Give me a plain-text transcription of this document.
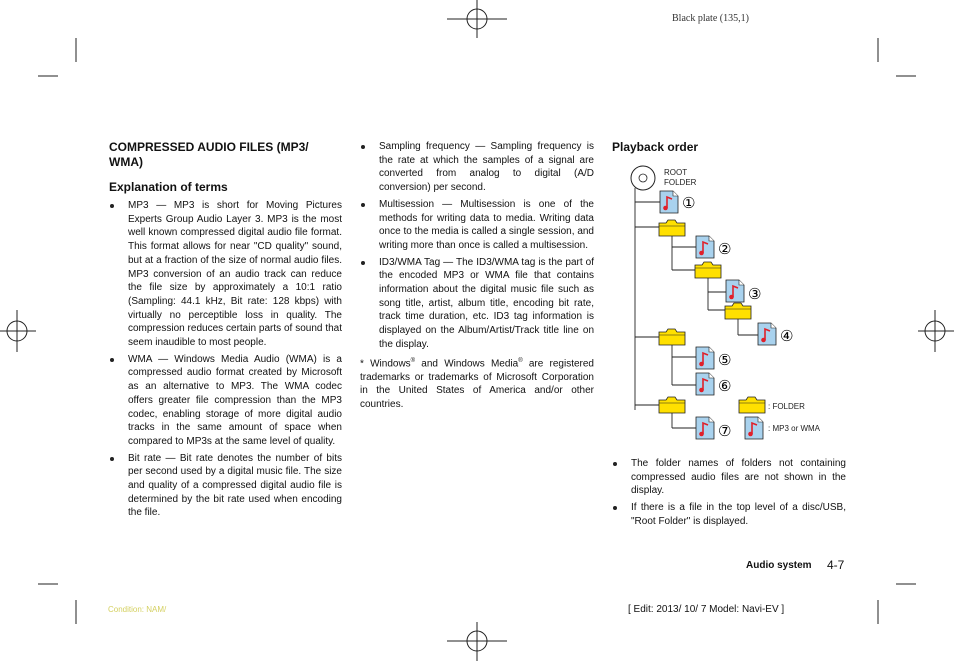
Black plate (135,1)
COMPRESSED AUDIO FILES (MP3/ WMA)
Explanation of terms
MP3 — MP3 is short for Moving Pictures Experts Group Audio Layer 3. MP3 is the most well known compressed digital audio file format. This format allows for near "CD quality" sound, but at a fraction of the size of normal audio files. MP3 conversion of an audio track can reduce the file size by approximately a 10:1 ratio (Sampling: 44.1 kHz, Bit rate: 128 kbps) with virtually no perceptible loss in quality. The compression reduces certain parts of sound that seem inaudible to most people.
WMA — Windows Media Audio (WMA) is a compressed audio format created by Microsoft as an alternative to MP3. The WMA codec offers greater file compression than the MP3 codec, enabling storage of more digital audio tracks in the same amount of space when compared to MP3s at the same level of quality.
Bit rate — Bit rate denotes the number of bits per second used by a digital music file. The size and quality of a compressed digital audio file is determined by the bit rate used when encoding the file.
Sampling frequency — Sampling frequency is the rate at which the samples of a signal are converted from analog to digital (A/D conversion) per second.
Multisession — Multisession is one of the methods for writing data to media. Writing data once to the media is called a single session, and writing more than once is called a multisession.
ID3/WMA Tag — The ID3/WMA tag is the part of the encoded MP3 or WMA file that contains information about the digital music file such as song title, artist, album title, encoding bit rate, track time duration, etc. ID3 tag information is displayed on the Album/Artist/Track title line on the display.
* Windows® and Windows Media® are registered trademarks or trademarks of Microsoft Corporation in the United States of America and/or other countries.
Playback order
ROOT
FOLDER
①
②
③
④
⑤
⑥
⑦
: FOLDER
: MP3 or WMA
The folder names of folders not containing compressed audio files are not shown in the display.
If there is a file in the top level of a disc/USB, "Root Folder" is displayed.
Audio system 4-7
Condition: NAM/	[ Edit: 2013/ 10/ 7 Model: Navi-EV ]
